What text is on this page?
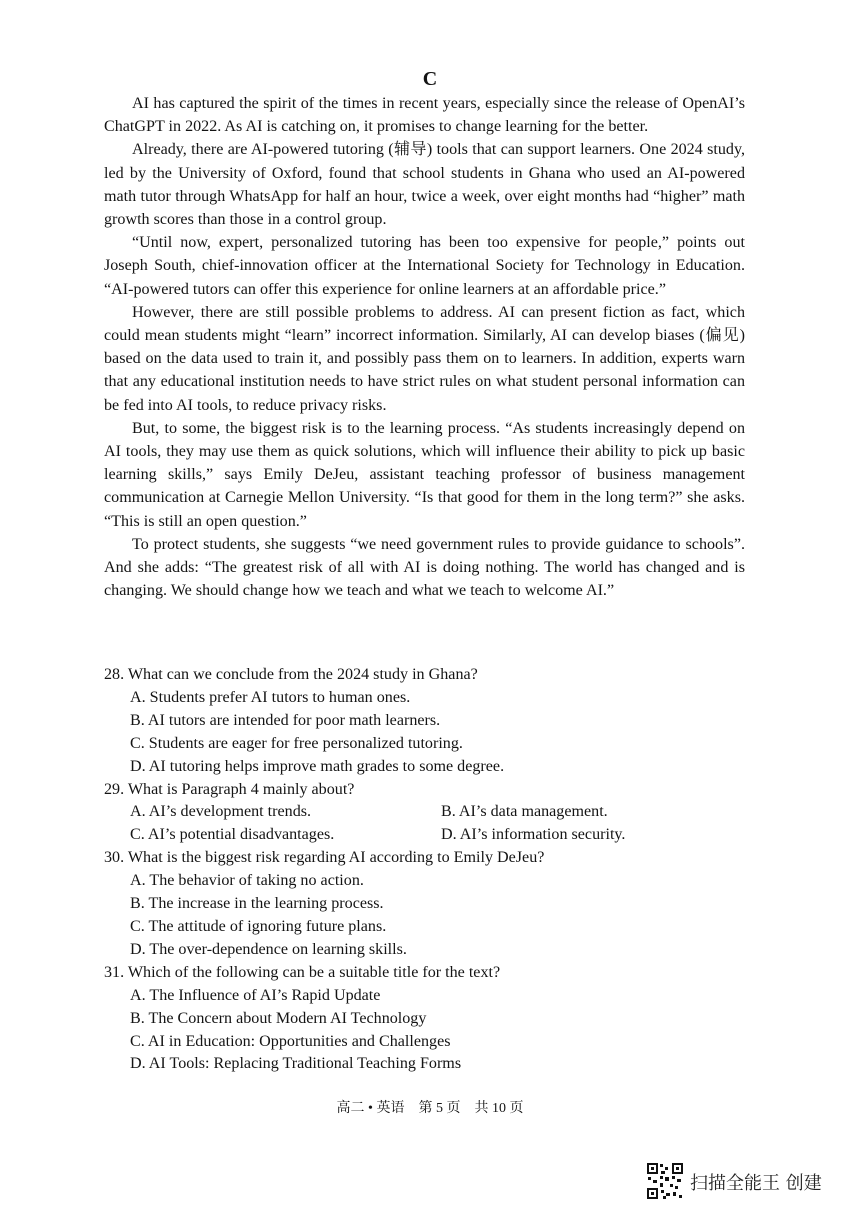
C

AI has captured the spirit of the times in recent years, especially since the release of OpenAI’s ChatGPT in 2022. As AI is catching on, it promises to change learning for the better.

Already, there are AI-powered tutoring (辅导) tools that can support learners. One 2024 study, led by the University of Oxford, found that school students in Ghana who used an AI-powered math tutor through WhatsApp for half an hour, twice a week, over eight months had “higher” math growth scores than those in a control group.

“Until now, expert, personalized tutoring has been too expensive for people,” points out Joseph South, chief-innovation officer at the International Society for Technology in Education. “AI-powered tutors can offer this experience for online learners at an affordable price.”

However, there are still possible problems to address. AI can present fiction as fact, which could mean students might “learn” incorrect information. Similarly, AI can develop biases (偏见) based on the data used to train it, and possibly pass them on to learners. In addition, experts warn that any educational institution needs to have strict rules on what student personal information can be fed into AI tools, to reduce privacy risks.

But, to some, the biggest risk is to the learning process. “As students increasingly depend on AI tools, they may use them as quick solutions, which will influence their ability to pick up basic learning skills,” says Emily DeJeu, assistant teaching professor of business management communication at Carnegie Mellon University. “Is that good for them in the long term?” she asks. “This is still an open question.”

To protect students, she suggests “we need government rules to provide guidance to schools”. And she adds: “The greatest risk of all with AI is doing nothing. The world has changed and is changing. We should change how we teach and what we teach to welcome AI.”

28. What can we conclude from the 2024 study in Ghana?

A. Students prefer AI tutors to human ones.

B. AI tutors are intended for poor math learners.

C. Students are eager for free personalized tutoring.

D. AI tutoring helps improve math grades to some degree.

29. What is Paragraph 4 mainly about?

A. AI’s development trends.	B. AI’s data management.
C. AI’s potential disadvantages.	D. AI’s information security.

30. What is the biggest risk regarding AI according to Emily DeJeu?

A. The behavior of taking no action.

B. The increase in the learning process.

C. The attitude of ignoring future plans.

D. The over-dependence on learning skills.

31. Which of the following can be a suitable title for the text?

A. The Influence of AI’s Rapid Update

B. The Concern about Modern AI Technology

C. AI in Education: Opportunities and Challenges

D. AI Tools: Replacing Traditional Teaching Forms

高二 • 英语　第 5 页　共 10 页
扫描全能王 创建
